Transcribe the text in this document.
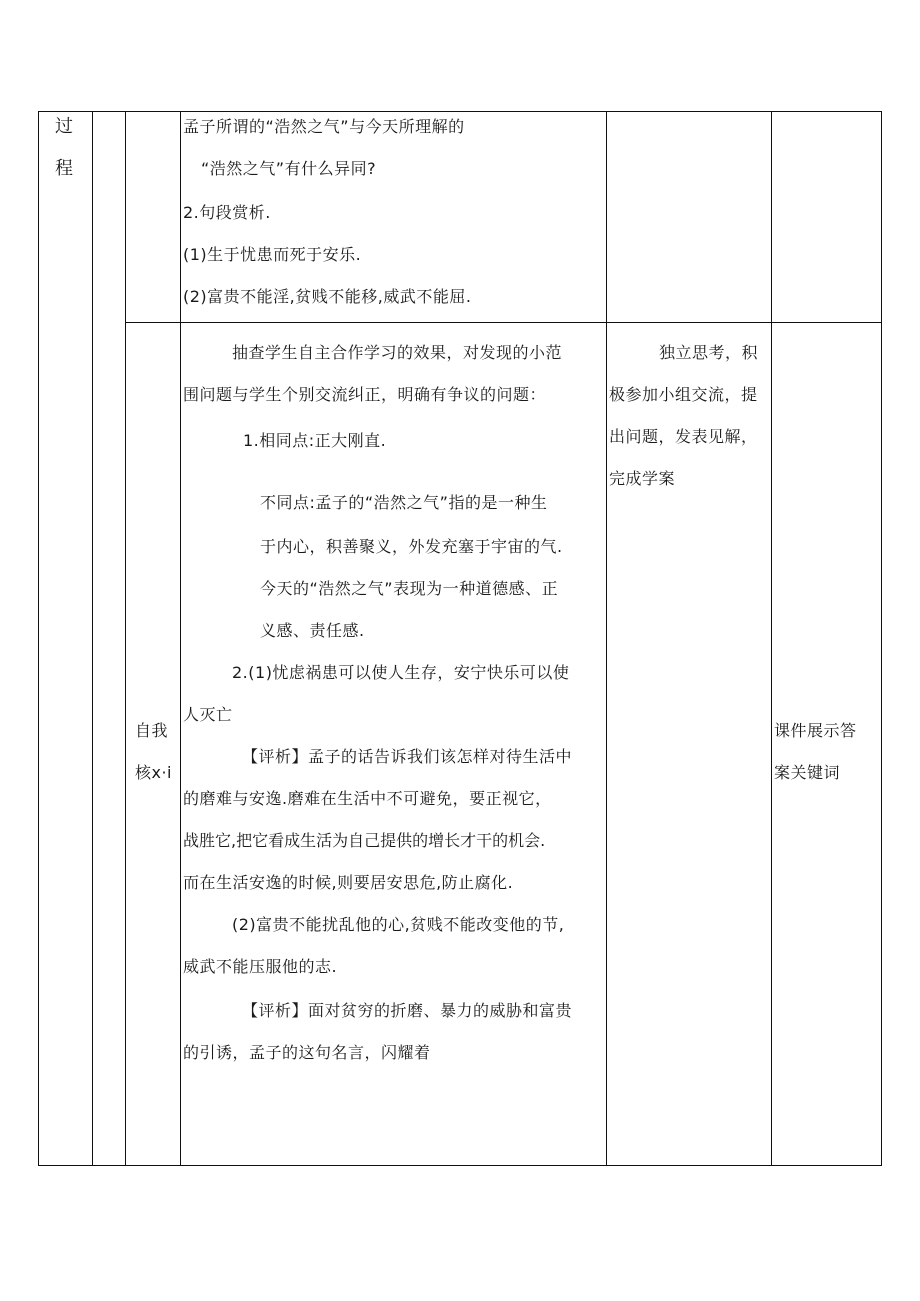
过
程
孟子所谓的“浩然之气”与今天所理解的
“浩然之气”有什么异同?
2.句段赏析.
(1)生于忧患而死于安乐.
(2)富贵不能淫,贫贱不能移,威武不能屈.
自我
核x·i
抽查学生自主合作学习的效果，对发现的小范
围问题与学生个别交流纠正，明确有争议的问题：
1.相同点:正大刚直.
不同点:孟子的“浩然之气”指的是一种生
于内心，积善聚义，外发充塞于宇宙的气.
今天的“浩然之气”表现为一种道德感、正
义感、责任感.
2.(1)忧虑祸患可以使人生存，安宁快乐可以使
人灭亡
【评析】孟子的话告诉我们该怎样对待生活中
的磨难与安逸.磨难在生活中不可避免，要正视它，
战胜它,把它看成生活为自己提供的增长才干的机会.
而在生活安逸的时候,则要居安思危,防止腐化.
(2)富贵不能扰乱他的心,贫贱不能改变他的节,
威武不能压服他的志.
【评析】面对贫穷的折磨、暴力的威胁和富贵
的引诱，孟子的这句名言，闪耀着
独立思考，积
极参加小组交流，提
出问题，发表见解，
完成学案
课件展示答
案关键词
